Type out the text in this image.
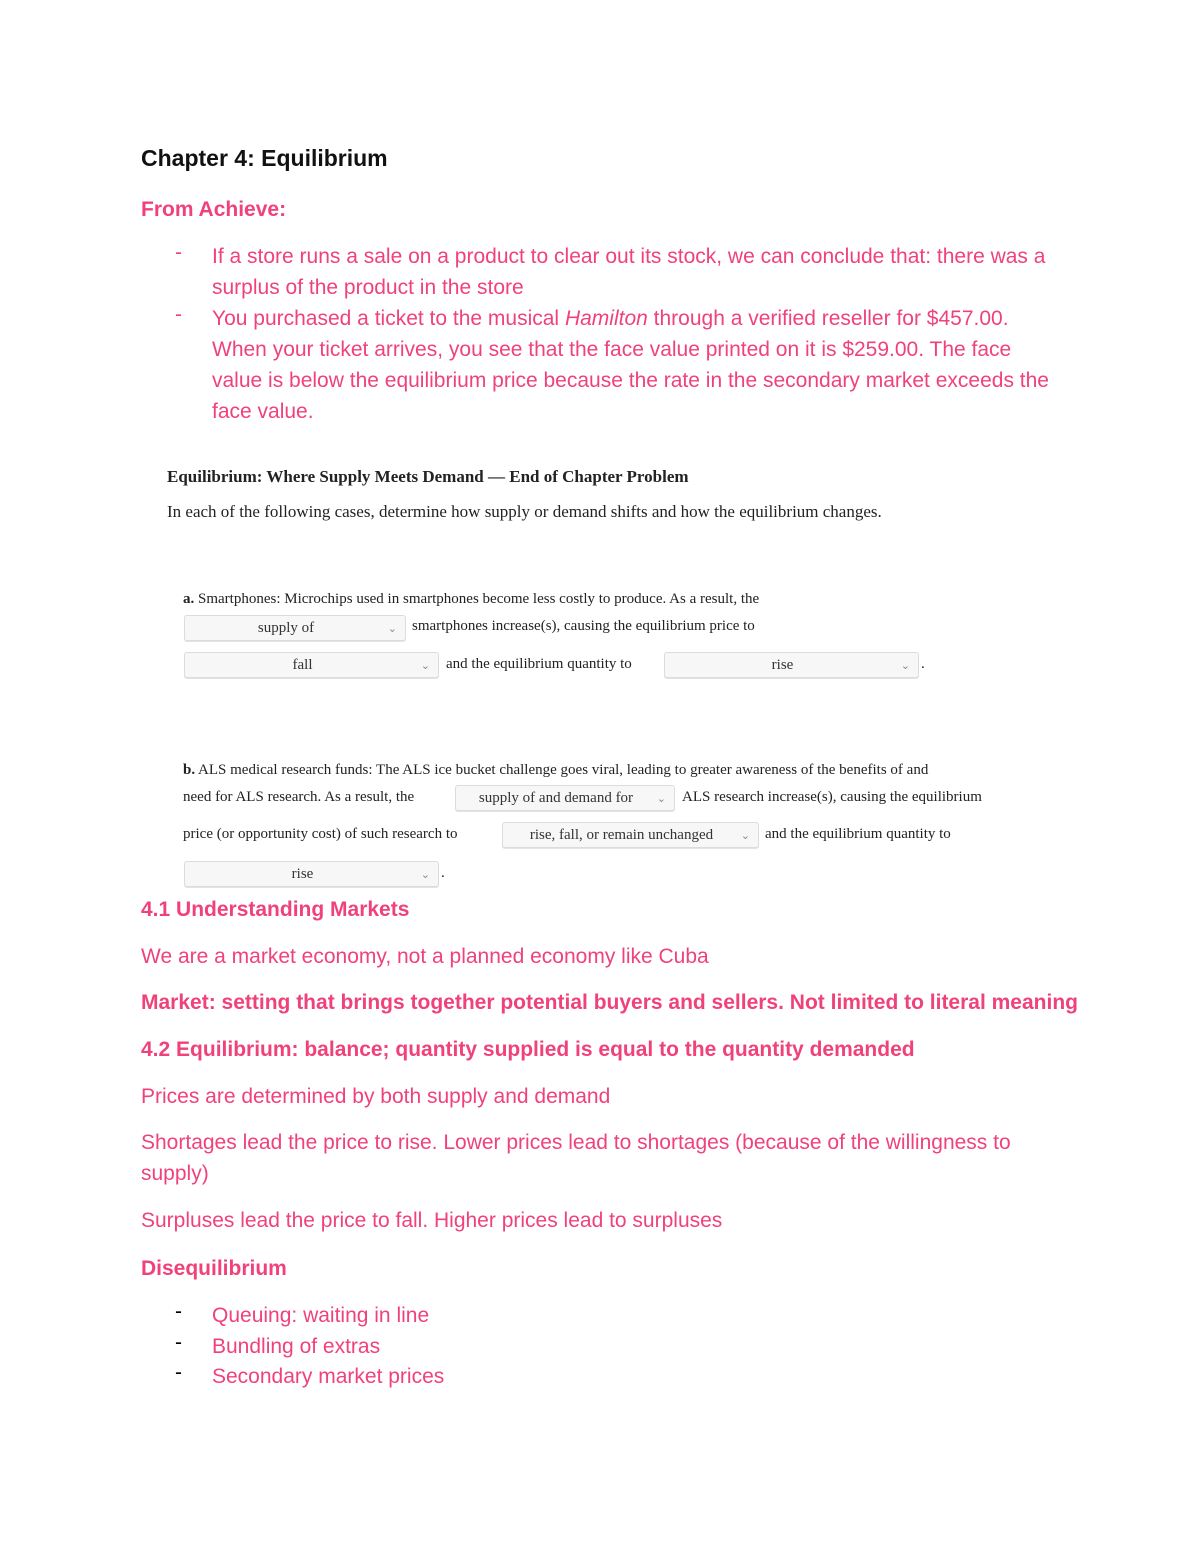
Chapter 4: Equilibrium
From Achieve:
- If a store runs a sale on a product to clear out its stock, we can conclude that: there was a surplus of the product in the store
- You purchased a ticket to the musical Hamilton through a verified reseller for $457.00. When your ticket arrives, you see that the face value printed on it is $259.00. The face value is below the equilibrium price because the rate in the secondary market exceeds the face value.
Equilibrium: Where Supply Meets Demand — End of Chapter Problem
In each of the following cases, determine how supply or demand shifts and how the equilibrium changes.
a. Smartphones: Microchips used in smartphones become less costly to produce. As a result, the
supply of	⌄ smartphones increase(s), causing the equilibrium price to
fall	⌄ and the equilibrium quantity to	rise	⌄ .
b. ALS medical research funds: The ALS ice bucket challenge goes viral, leading to greater awareness of the benefits of and
need for ALS research. As a result, the	supply of and demand for ⌄ ALS research increase(s), causing the equilibrium
price (or opportunity cost) of such research to	rise, fall, or remain unchanged	⌄ and the equilibrium quantity to
rise	⌄ .
4.1 Understanding Markets
We are a market economy, not a planned economy like Cuba
Market: setting that brings together potential buyers and sellers. Not limited to literal meaning
4.2 Equilibrium: balance; quantity supplied is equal to the quantity demanded
Prices are determined by both supply and demand
Shortages lead the price to rise. Lower prices lead to shortages (because of the willingness to supply)
Surpluses lead the price to fall. Higher prices lead to surpluses
Disequilibrium
- Queuing: waiting in line
- Bundling of extras
- Secondary market prices
